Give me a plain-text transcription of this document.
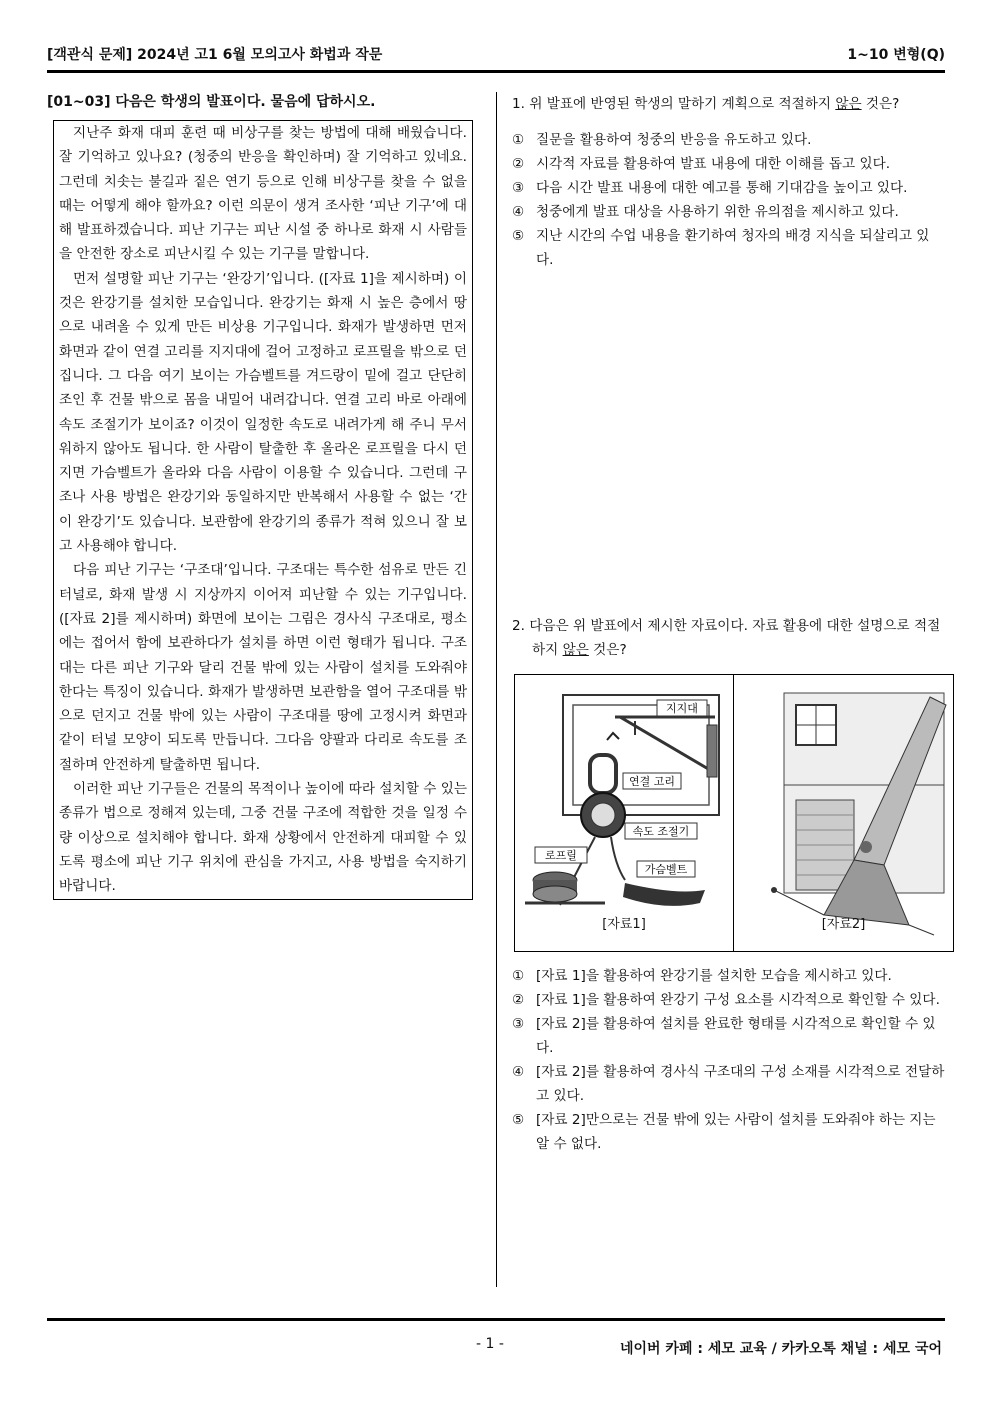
[객관식 문제] 2024년 고1 6월 모의고사 화법과 작문	1~10 변형(Q)
[01~03] 다음은 학생의 발표이다. 물음에 답하시오.

지난주 화재 대피 훈련 때 비상구를 찾는 방법에 대해 배웠습니다. 잘 기억하고 있나요? (청중의 반응을 확인하며) 잘 기억하고 있네요. 그런데 치솟는 불길과 짙은 연기 등으로 인해 비상구를 찾을 수 없을 때는 어떻게 해야 할까요? 이런 의문이 생겨 조사한 ‘피난 기구’에 대해 발표하겠습니다. 피난 기구는 피난 시설 중 하나로 화재 시 사람들을 안전한 장소로 피난시킬 수 있는 기구를 말합니다.

먼저 설명할 피난 기구는 ‘완강기’입니다. ([자료 1]을 제시하며) 이것은 완강기를 설치한 모습입니다. 완강기는 화재 시 높은 층에서 땅으로 내려올 수 있게 만든 비상용 기구입니다. 화재가 발생하면 먼저 화면과 같이 연결 고리를 지지대에 걸어 고정하고 로프릴을 밖으로 던집니다. 그 다음 여기 보이는 가슴벨트를 겨드랑이 밑에 걸고 단단히 조인 후 건물 밖으로 몸을 내밀어 내려갑니다. 연결 고리 바로 아래에 속도 조절기가 보이죠? 이것이 일정한 속도로 내려가게 해 주니 무서워하지 않아도 됩니다. 한 사람이 탈출한 후 올라온 로프릴을 다시 던지면 가슴벨트가 올라와 다음 사람이 이용할 수 있습니다. 그런데 구조나 사용 방법은 완강기와 동일하지만 반복해서 사용할 수 없는 ‘간이 완강기’도 있습니다. 보관함에 완강기의 종류가 적혀 있으니 잘 보고 사용해야 합니다.

다음 피난 기구는 ‘구조대’입니다. 구조대는 특수한 섬유로 만든 긴 터널로, 화재 발생 시 지상까지 이어져 피난할 수 있는 기구입니다. ([자료 2]를 제시하며) 화면에 보이는 그림은 경사식 구조대로, 평소에는 접어서 함에 보관하다가 설치를 하면 이런 형태가 됩니다. 구조대는 다른 피난 기구와 달리 건물 밖에 있는 사람이 설치를 도와줘야 한다는 특징이 있습니다. 화재가 발생하면 보관함을 열어 구조대를 밖으로 던지고 건물 밖에 있는 사람이 구조대를 땅에 고정시켜 화면과 같이 터널 모양이 되도록 만듭니다. 그다음 양팔과 다리로 속도를 조절하며 안전하게 탈출하면 됩니다.

이러한 피난 기구들은 건물의 목적이나 높이에 따라 설치할 수 있는 종류가 법으로 정해져 있는데, 그중 건물 구조에 적합한 것을 일정 수량 이상으로 설치해야 합니다. 화재 상황에서 안전하게 대피할 수 있도록 평소에 피난 기구 위치에 관심을 가지고, 사용 방법을 숙지하기 바랍니다.

1. 위 발표에 반영된 학생의 말하기 계획으로 적절하지 않은 것은?

① 질문을 활용하여 청중의 반응을 유도하고 있다.
② 시각적 자료를 활용하여 발표 내용에 대한 이해를 돕고 있다.
③ 다음 시간 발표 내용에 대한 예고를 통해 기대감을 높이고 있다.
④ 청중에게 발표 대상을 사용하기 위한 유의점을 제시하고 있다.
⑤ 지난 시간의 수업 내용을 환기하여 청자의 배경 지식을 되살리고 있다.

2. 다음은 위 발표에서 제시한 자료이다. 자료 활용에 대한 설명으로 적절하지 않은 것은?

지지대
연결 고리
속도 조절기
로프릴
가슴벨트
[자료1]	[자료2]
① [자료 1]을 활용하여 완강기를 설치한 모습을 제시하고 있다.
② [자료 1]을 활용하여 완강기 구성 요소를 시각적으로 확인할 수 있다.
③ [자료 2]를 활용하여 설치를 완료한 형태를 시각적으로 확인할 수 있다.
④ [자료 2]를 활용하여 경사식 구조대의 구성 소재를 시각적으로 전달하고 있다.
⑤ [자료 2]만으로는 건물 밖에 있는 사람이 설치를 도와줘야 하는 지는 알 수 없다.
- 1 -	네이버 카페 : 세모 교육 / 카카오톡 채널 : 세모 국어
